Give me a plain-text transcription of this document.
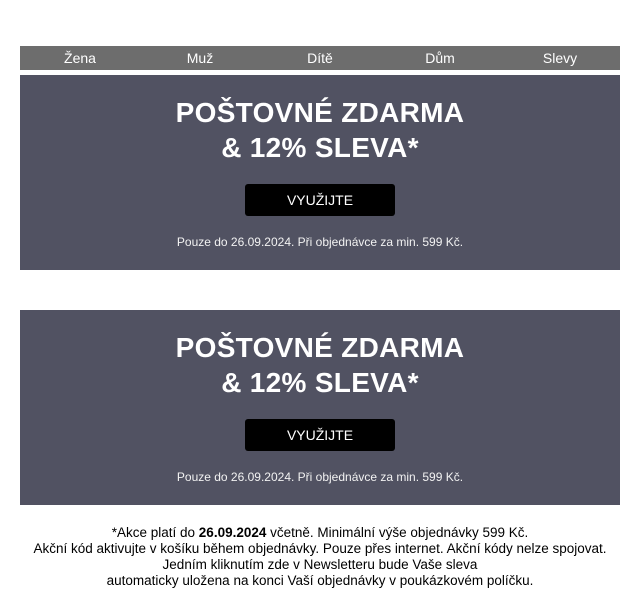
Žena	Muž	Dítě	Dům	Slevy
POŠTOVNÉ ZDARMA
& 12% SLEVA*
VYUŽIJTE
Pouze do 26.09.2024. Při objednávce za min. 599 Kč.
POŠTOVNÉ ZDARMA
& 12% SLEVA*
VYUŽIJTE
Pouze do 26.09.2024. Při objednávce za min. 599 Kč.

*Akce platí do 26.09.2024 včetně. Minimální výše objednávky 599 Kč.

Akční kód aktivujte v košíku během objednávky. Pouze přes internet. Akční kódy nelze spojovat.

Jedním kliknutím zde v Newsletteru bude Vaše sleva

automaticky uložena na konci Vaší objednávky v poukázkovém políčku.
